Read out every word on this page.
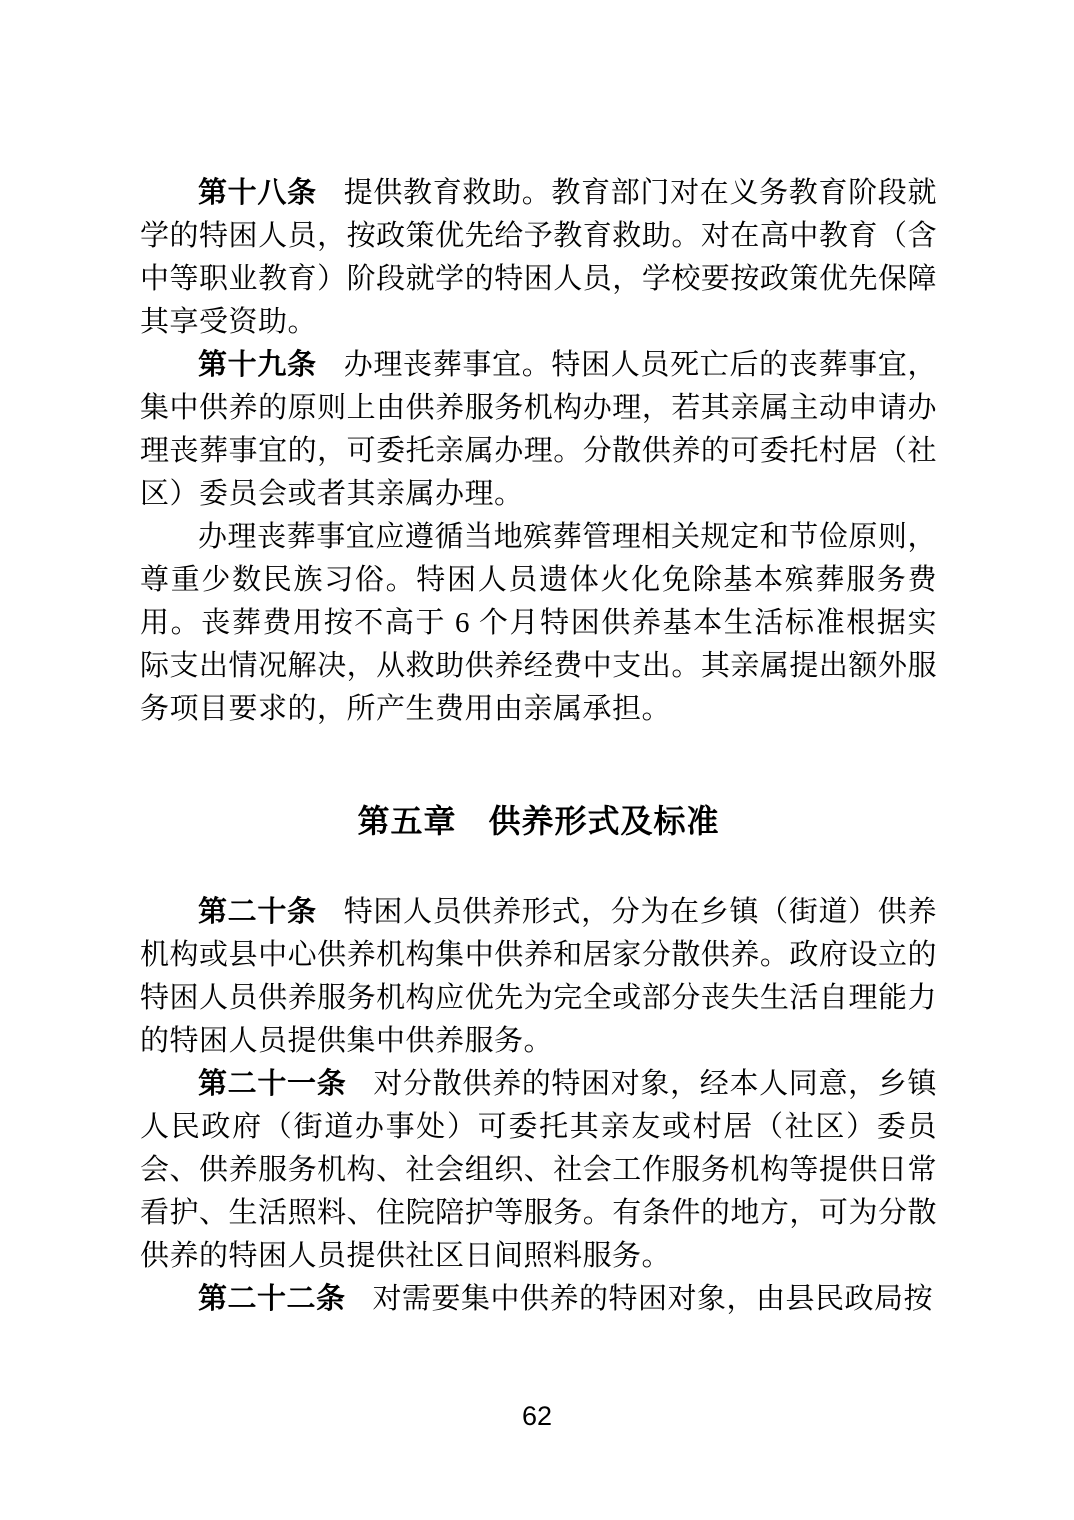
第十八条 提供教育救助。教育部门对在义务教育阶段就学的特困人员，按政策优先给予教育救助。对在高中教育（含中等职业教育）阶段就学的特困人员，学校要按政策优先保障其享受资助。

第十九条 办理丧葬事宜。特困人员死亡后的丧葬事宜，集中供养的原则上由供养服务机构办理，若其亲属主动申请办理丧葬事宜的，可委托亲属办理。分散供养的可委托村居（社区）委员会或者其亲属办理。

办理丧葬事宜应遵循当地殡葬管理相关规定和节俭原则，尊重少数民族习俗。特困人员遗体火化免除基本殡葬服务费用。丧葬费用按不高于 6 个月特困供养基本生活标准根据实际支出情况解决，从救助供养经费中支出。其亲属提出额外服务项目要求的，所产生费用由亲属承担。

第五章 供养形式及标准

第二十条 特困人员供养形式，分为在乡镇（街道）供养机构或县中心供养机构集中供养和居家分散供养。政府设立的特困人员供养服务机构应优先为完全或部分丧失生活自理能力的特困人员提供集中供养服务。

第二十一条 对分散供养的特困对象，经本人同意，乡镇人民政府（街道办事处）可委托其亲友或村居（社区）委员会、供养服务机构、社会组织、社会工作服务机构等提供日常看护、生活照料、住院陪护等服务。有条件的地方，可为分散供养的特困人员提供社区日间照料服务。

第二十二条 对需要集中供养的特困对象，由县民政局按

62
